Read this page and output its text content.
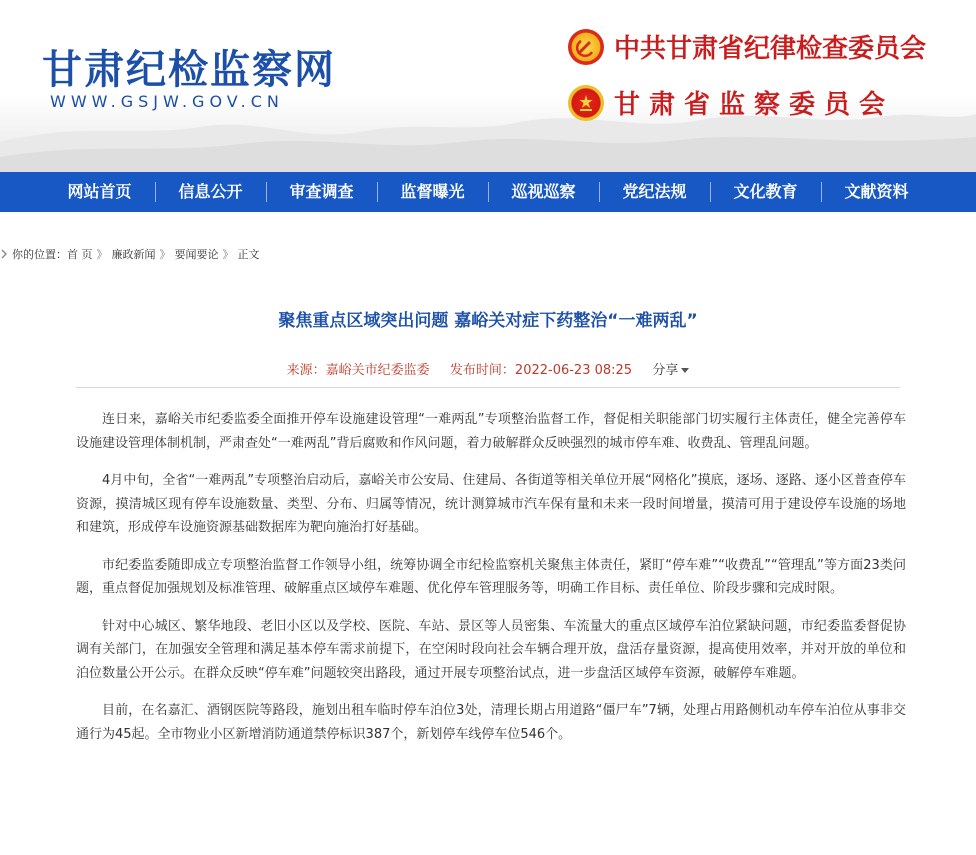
甘肃纪检监察网
WWW.GSJW.GOV.CN
中共甘肃省纪律检查委员会
甘肃省监察委员会
网站首页	信息公开	审查调查	监督曝光	巡视巡察	党纪法规	文化教育	文献资料
你的位置： 首 页 》 廉政新闻 》 要闻要论 》 正文
聚焦重点区域突出问题 嘉峪关对症下药整治“一难两乱”
来源：嘉峪关市纪委监委 发布时间：2022-06-23 08:25 分享

连日来，嘉峪关市纪委监委全面推开停车设施建设管理“一难两乱”专项整治监督工作，督促相关职能部门切实履行主体责任，健全完善停车设施建设管理体制机制，严肃查处“一难两乱”背后腐败和作风问题，着力破解群众反映强烈的城市停车难、收费乱、管理乱问题。

4月中旬，全省“一难两乱”专项整治启动后，嘉峪关市公安局、住建局、各街道等相关单位开展“网格化”摸底，逐场、逐路、逐小区普查停车资源，摸清城区现有停车设施数量、类型、分布、归属等情况，统计测算城市汽车保有量和未来一段时间增量，摸清可用于建设停车设施的场地和建筑，形成停车设施资源基础数据库为靶向施治打好基础。

市纪委监委随即成立专项整治监督工作领导小组，统筹协调全市纪检监察机关聚焦主体责任，紧盯“停车难”“收费乱”“管理乱”等方面23类问题，重点督促加强规划及标准管理、破解重点区域停车难题、优化停车管理服务等，明确工作目标、责任单位、阶段步骤和完成时限。

针对中心城区、繁华地段、老旧小区以及学校、医院、车站、景区等人员密集、车流量大的重点区域停车泊位紧缺问题，市纪委监委督促协调有关部门，在加强安全管理和满足基本停车需求前提下，在空闲时段向社会车辆合理开放，盘活存量资源，提高使用效率，并对开放的单位和泊位数量公开公示。在群众反映“停车难”问题较突出路段，通过开展专项整治试点，进一步盘活区域停车资源，破解停车难题。

目前，在名嘉汇、酒钢医院等路段，施划出租车临时停车泊位3处，清理长期占用道路“僵尸车”7辆，处理占用路侧机动车停车泊位从事非交通行为45起。全市物业小区新增消防通道禁停标识387个，新划停车线停车位546个。
